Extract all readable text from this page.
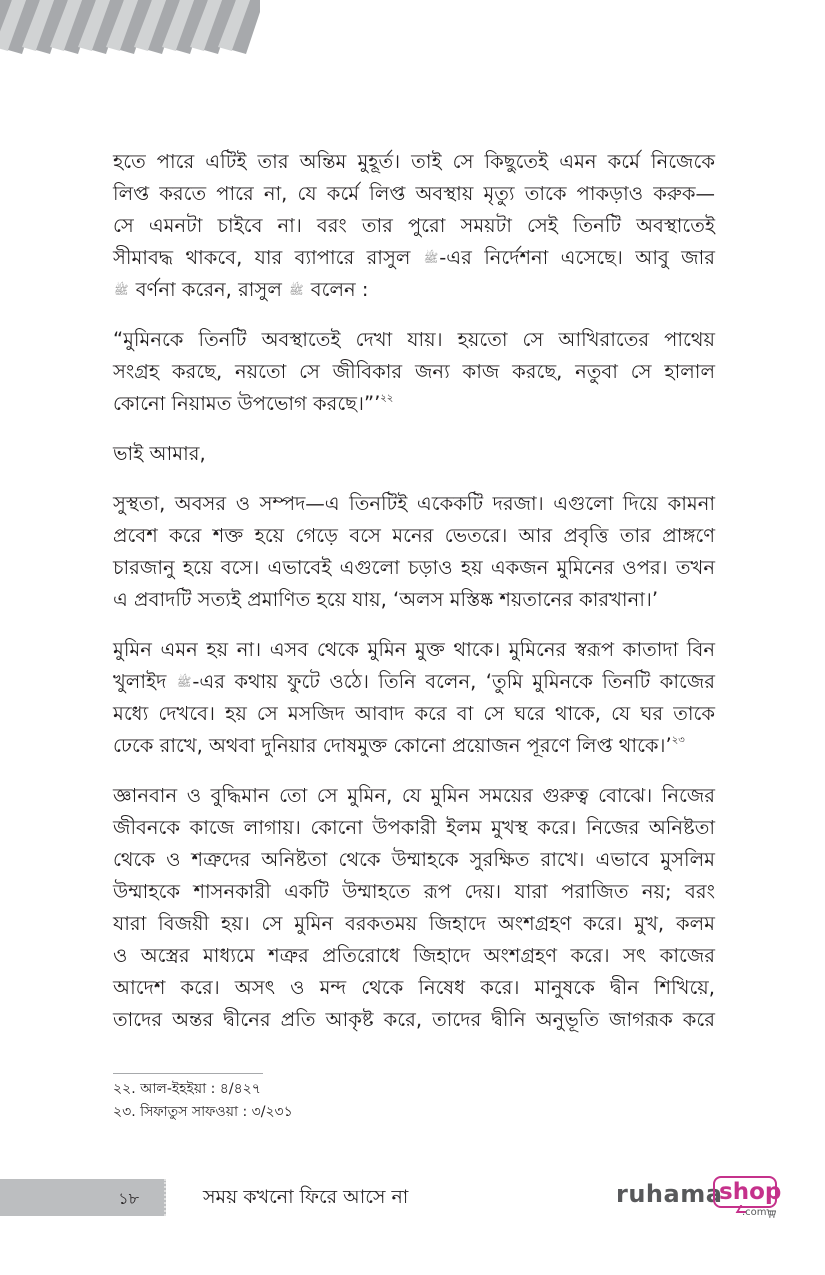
হতে পারে এটিই তার অন্তিম মুহূর্ত। তাই সে কিছুতেই এমন কর্মে নিজেকে
লিপ্ত করতে পারে না, যে কর্মে লিপ্ত অবস্থায় মৃত্যু তাকে পাকড়াও করুক—
সে এমনটা চাইবে না। বরং তার পুরো সময়টা সেই তিনটি অবস্থাতেই
সীমাবদ্ধ থাকবে, যার ব্যাপারে রাসুল ﷺ-এর নির্দেশনা এসেছে। আবু জার
ﷺ বর্ণনা করেন, রাসুল ﷺ বলেন :

“মুমিনকে তিনটি অবস্থাতেই দেখা যায়। হয়তো সে আখিরাতের পাথেয়
সংগ্রহ করছে, নয়তো সে জীবিকার জন্য কাজ করছে, নতুবা সে হালাল
কোনো নিয়ামত উপভোগ করছে।”’$^{২২}$

ভাই আমার,

সুস্থতা, অবসর ও সম্পদ—এ তিনটিই একেকটি দরজা। এগুলো দিয়ে কামনা
প্রবেশ করে শক্ত হয়ে গেড়ে বসে মনের ভেতরে। আর প্রবৃত্তি তার প্রাঙ্গণে
চারজানু হয়ে বসে। এভাবেই এগুলো চড়াও হয় একজন মুমিনের ওপর। তখন
এ প্রবাদটি সত্যই প্রমাণিত হয়ে যায়, ‘অলস মস্তিষ্ক শয়তানের কারখানা।’

মুমিন এমন হয় না। এসব থেকে মুমিন মুক্ত থাকে। মুমিনের স্বরূপ কাতাদা বিন
খুলাইদ ﷺ-এর কথায় ফুটে ওঠে। তিনি বলেন, ‘তুমি মুমিনকে তিনটি কাজের
মধ্যে দেখবে। হয় সে মসজিদ আবাদ করে বা সে ঘরে থাকে, যে ঘর তাকে
ঢেকে রাখে, অথবা দুনিয়ার দোষমুক্ত কোনো প্রয়োজন পূরণে লিপ্ত থাকে।’$^{২৩}$

জ্ঞানবান ও বুদ্ধিমান তো সে মুমিন, যে মুমিন সময়ের গুরুত্ব বোঝে। নিজের
জীবনকে কাজে লাগায়। কোনো উপকারী ইলম মুখস্থ করে। নিজের অনিষ্টতা
থেকে ও শত্রুদের অনিষ্টতা থেকে উম্মাহকে সুরক্ষিত রাখে। এভাবে মুসলিম
উম্মাহকে শাসনকারী একটি উম্মাহতে রূপ দেয়। যারা পরাজিত নয়; বরং
যারা বিজয়ী হয়। সে মুমিন বরকতময় জিহাদে অংশগ্রহণ করে। মুখ, কলম
ও অস্ত্রের মাধ্যমে শত্রুর প্রতিরোধে জিহাদে অংশগ্রহণ করে। সৎ কাজের
আদেশ করে। অসৎ ও মন্দ থেকে নিষেধ করে। মানুষকে দ্বীন শিখিয়ে,
তাদের অন্তর দ্বীনের প্রতি আকৃষ্ট করে, তাদের দ্বীনি অনুভূতি জাগরূক করে

২২. আল-ইহইয়া : ৪/৪২৭
২৩. সিফাতুস সাফওয়া : ৩/২৩১
১৮	সময় কখনো ফিরে আসে না	ruhama
shop
.com
